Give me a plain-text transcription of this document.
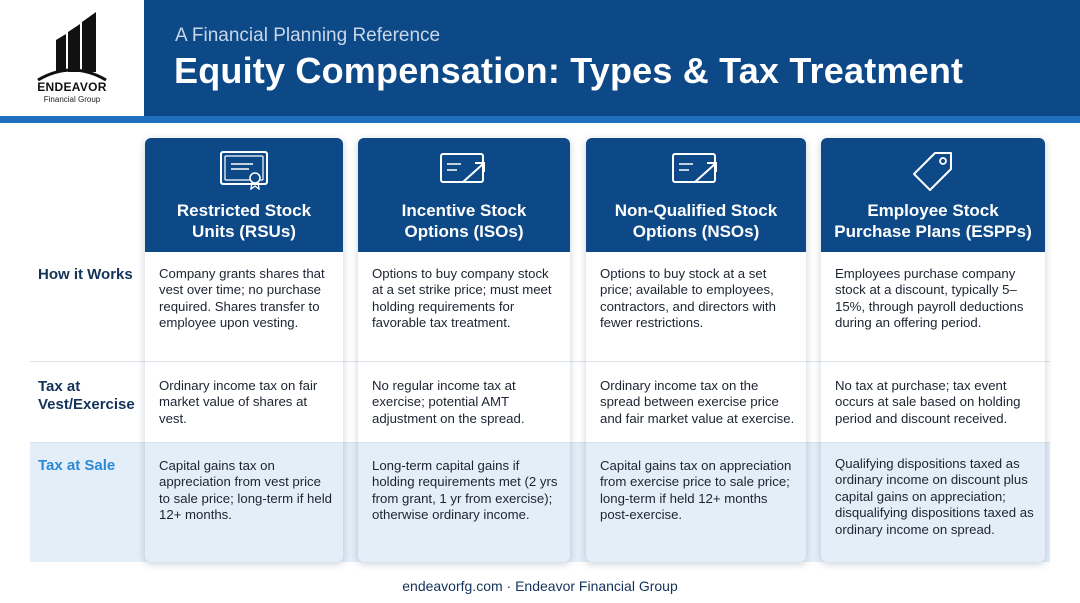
ENDEAVOR
Financial Group
A Financial Planning Reference
Equity Compensation: Types & Tax Treatment
How it Works
Tax at
Vest/Exercise
Tax at Sale
Restricted Stock
Units (RSUs)
Company grants shares that vest over time; no purchase required. Shares transfer to employee upon vesting.
Ordinary income tax on fair market value of shares at vest.
Capital gains tax on appreciation from vest price to sale price; long-term if held 12+ months.
Incentive Stock
Options (ISOs)
Options to buy company stock at a set strike price; must meet holding requirements for favorable tax treatment.
No regular income tax at exercise; potential AMT adjustment on the spread.
Long-term capital gains if holding requirements met (2 yrs from grant, 1 yr from exercise); otherwise ordinary income.
Non-Qualified Stock
Options (NSOs)
Options to buy stock at a set price; available to employees, contractors, and directors with fewer restrictions.
Ordinary income tax on the spread between exercise price and fair market value at exercise.
Capital gains tax on appreciation from exercise price to sale price; long-term if held 12+ months post-exercise.
Employee Stock
Purchase Plans (ESPPs)
Employees purchase company stock at a discount, typically 5–15%, through payroll deductions during an offering period.
No tax at purchase; tax event occurs at sale based on holding period and discount received.
Qualifying dispositions taxed as ordinary income on discount plus capital gains on appreciation; disqualifying dispositions taxed as ordinary income on spread.
endeavorfg.com · Endeavor Financial Group
